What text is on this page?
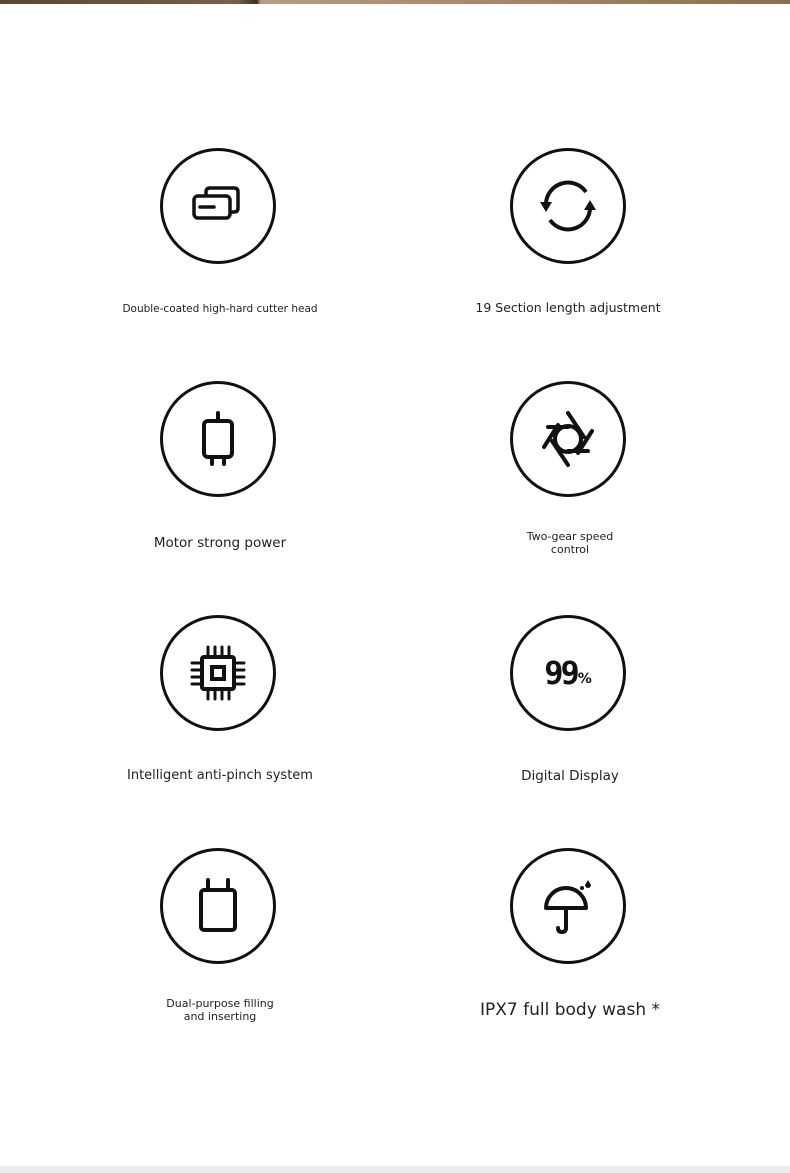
Double-coated high-hard cutter head	19 Section length adjustment
Motor strong power	Two-gear speed
control
Intelligent anti-pinch system
99 %
Digital Display
Dual-purpose filling
and inserting	IPX7 full body wash *
